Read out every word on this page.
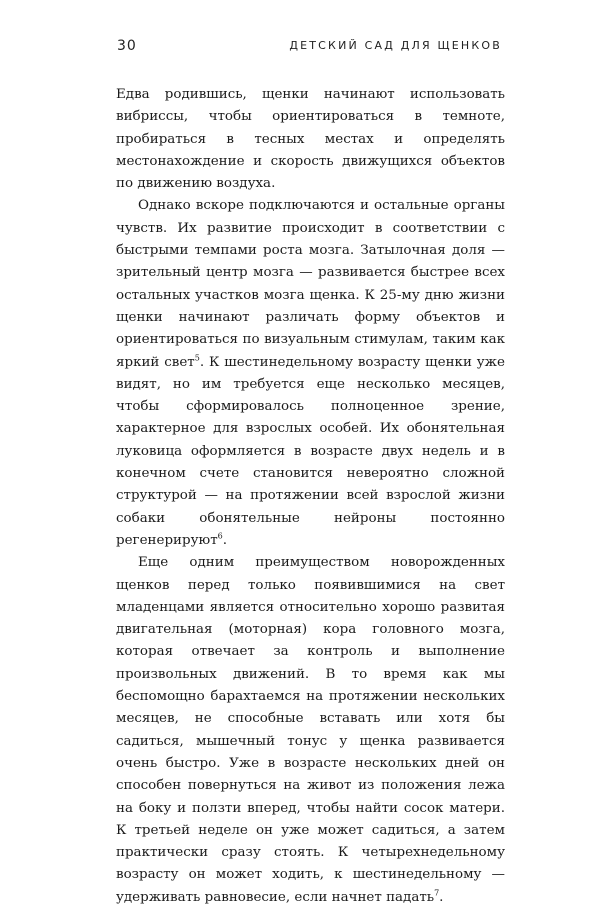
30	ДЕТСКИЙ САД ДЛЯ ЩЕНКОВ

Едва родившись, щенки начинают использовать вибриссы, чтобы ориентироваться в темноте, пробираться в тесных местах и определять местонахождение и скорость движущихся объектов по движению воздуха.

Однако вскоре подключаются и остальные органы чувств. Их развитие происходит в соответствии с быстрыми темпами роста мозга. Затылочная доля — зрительный центр мозга — развивается быстрее всех остальных участков мозга щенка. К 25-му дню жизни щенки начинают различать форму объектов и ориентироваться по визуальным стимулам, таким как яркий свет$^5$. К шестинедельному возрасту щенки уже видят, но им требуется еще несколько месяцев, чтобы сформировалось полноценное зрение, характерное для взрослых особей. Их обонятельная луковица оформляется в возрасте двух недель и в конечном счете становится невероятно сложной структурой — на протяжении всей взрослой жизни собаки обонятельные нейроны постоянно регенерируют$^6$.

Еще одним преимуществом новорожденных щенков перед только появившимися на свет младенцами является относительно хорошо развитая двигательная (моторная) кора головного мозга, которая отвечает за контроль и выполнение произвольных движений. В то время как мы беспомощно барахтаемся на протяжении нескольких месяцев, не способные вставать или хотя бы садиться, мышечный тонус у щенка развивается очень быстро. Уже в возрасте нескольких дней он способен повернуться на живот из положения лежа на боку и ползти вперед, чтобы найти сосок матери. К третьей неделе он уже может садиться, а затем практически сразу стоять. К четырехнедельному возрасту он может ходить, к шестинедельному — удерживать равновесие, если начнет падать$^7$.
